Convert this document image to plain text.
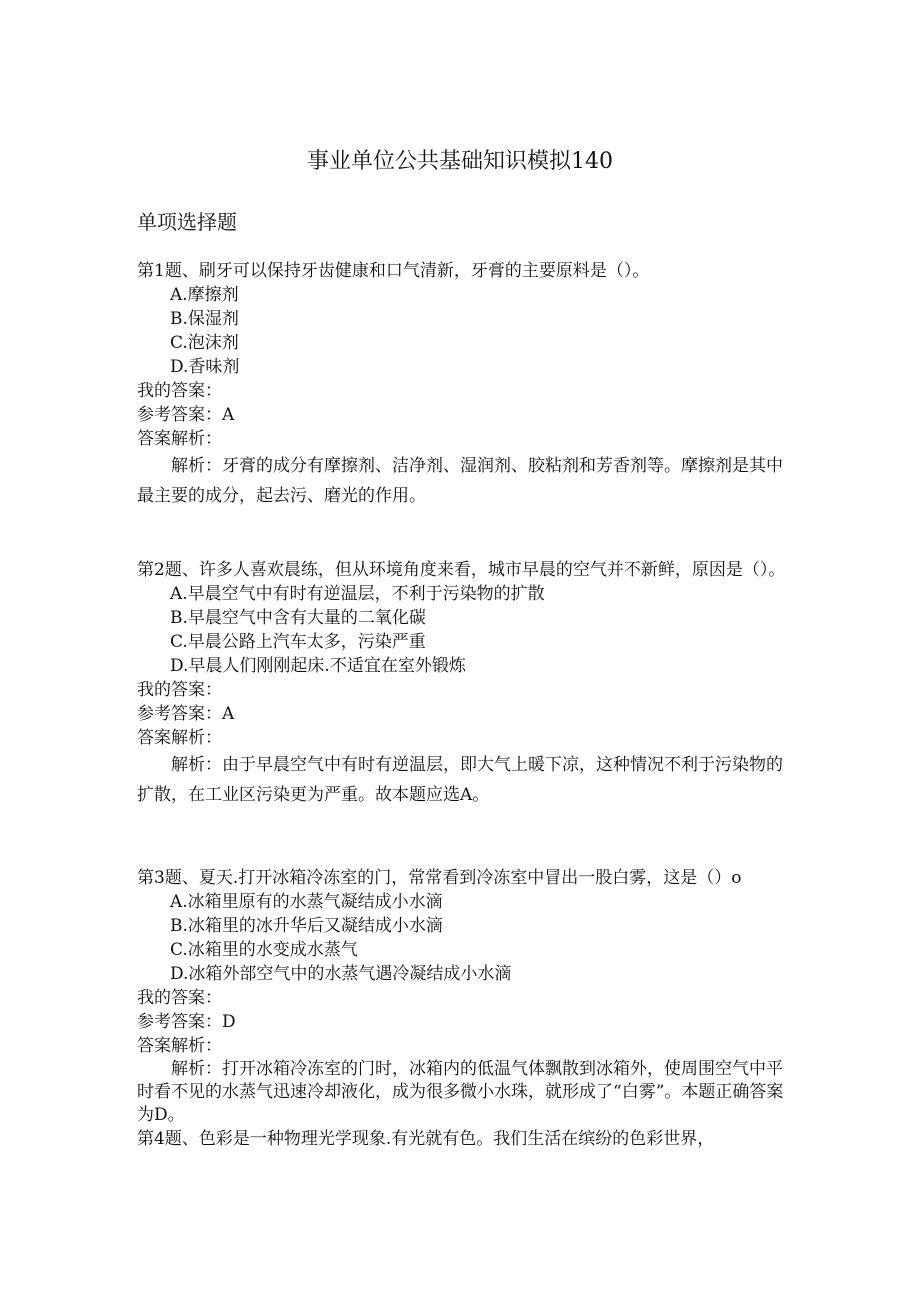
事业单位公共基础知识模拟140
单项选择题

第1题、刷牙可以保持牙齿健康和口气清新，牙膏的主要原料是（）。

A.摩擦剂

B.保湿剂

C.泡沫剂

D.香味剂

我的答案：

参考答案：A

答案解析：

解析：牙膏的成分有摩擦剂、洁净剂、湿润剂、胶粘剂和芳香剂等。摩擦剂是其中最主要的成分，起去污、磨光的作用。

第2题、许多人喜欢晨练，但从环境角度来看，城市早晨的空气并不新鲜，原因是（）。

A.早晨空气中有时有逆温层，不利于污染物的扩散

B.早晨空气中含有大量的二氧化碳

C.早晨公路上汽车太多，污染严重

D.早晨人们刚刚起床.不适宜在室外锻炼

我的答案：

参考答案：A

答案解析：

解析：由于早晨空气中有时有逆温层，即大气上暖下凉，这种情况不利于污染物的扩散，在工业区污染更为严重。故本题应选A。

第3题、夏天.打开冰箱冷冻室的门，常常看到冷冻室中冒出一股白雾，这是（）o

A.冰箱里原有的水蒸气凝结成小水滴

B.冰箱里的冰升华后又凝结成小水滴

C.冰箱里的水变成水蒸气

D.冰箱外部空气中的水蒸气遇冷凝结成小水滴

我的答案：

参考答案：D

答案解析：

解析：打开冰箱冷冻室的门时，冰箱内的低温气体飘散到冰箱外，使周围空气中平时看不见的水蒸气迅速冷却液化，成为很多微小水珠，就形成了“白雾”。本题正确答案为D。

第4题、色彩是一种物理光学现象.有光就有色。我们生活在缤纷的色彩世界，
